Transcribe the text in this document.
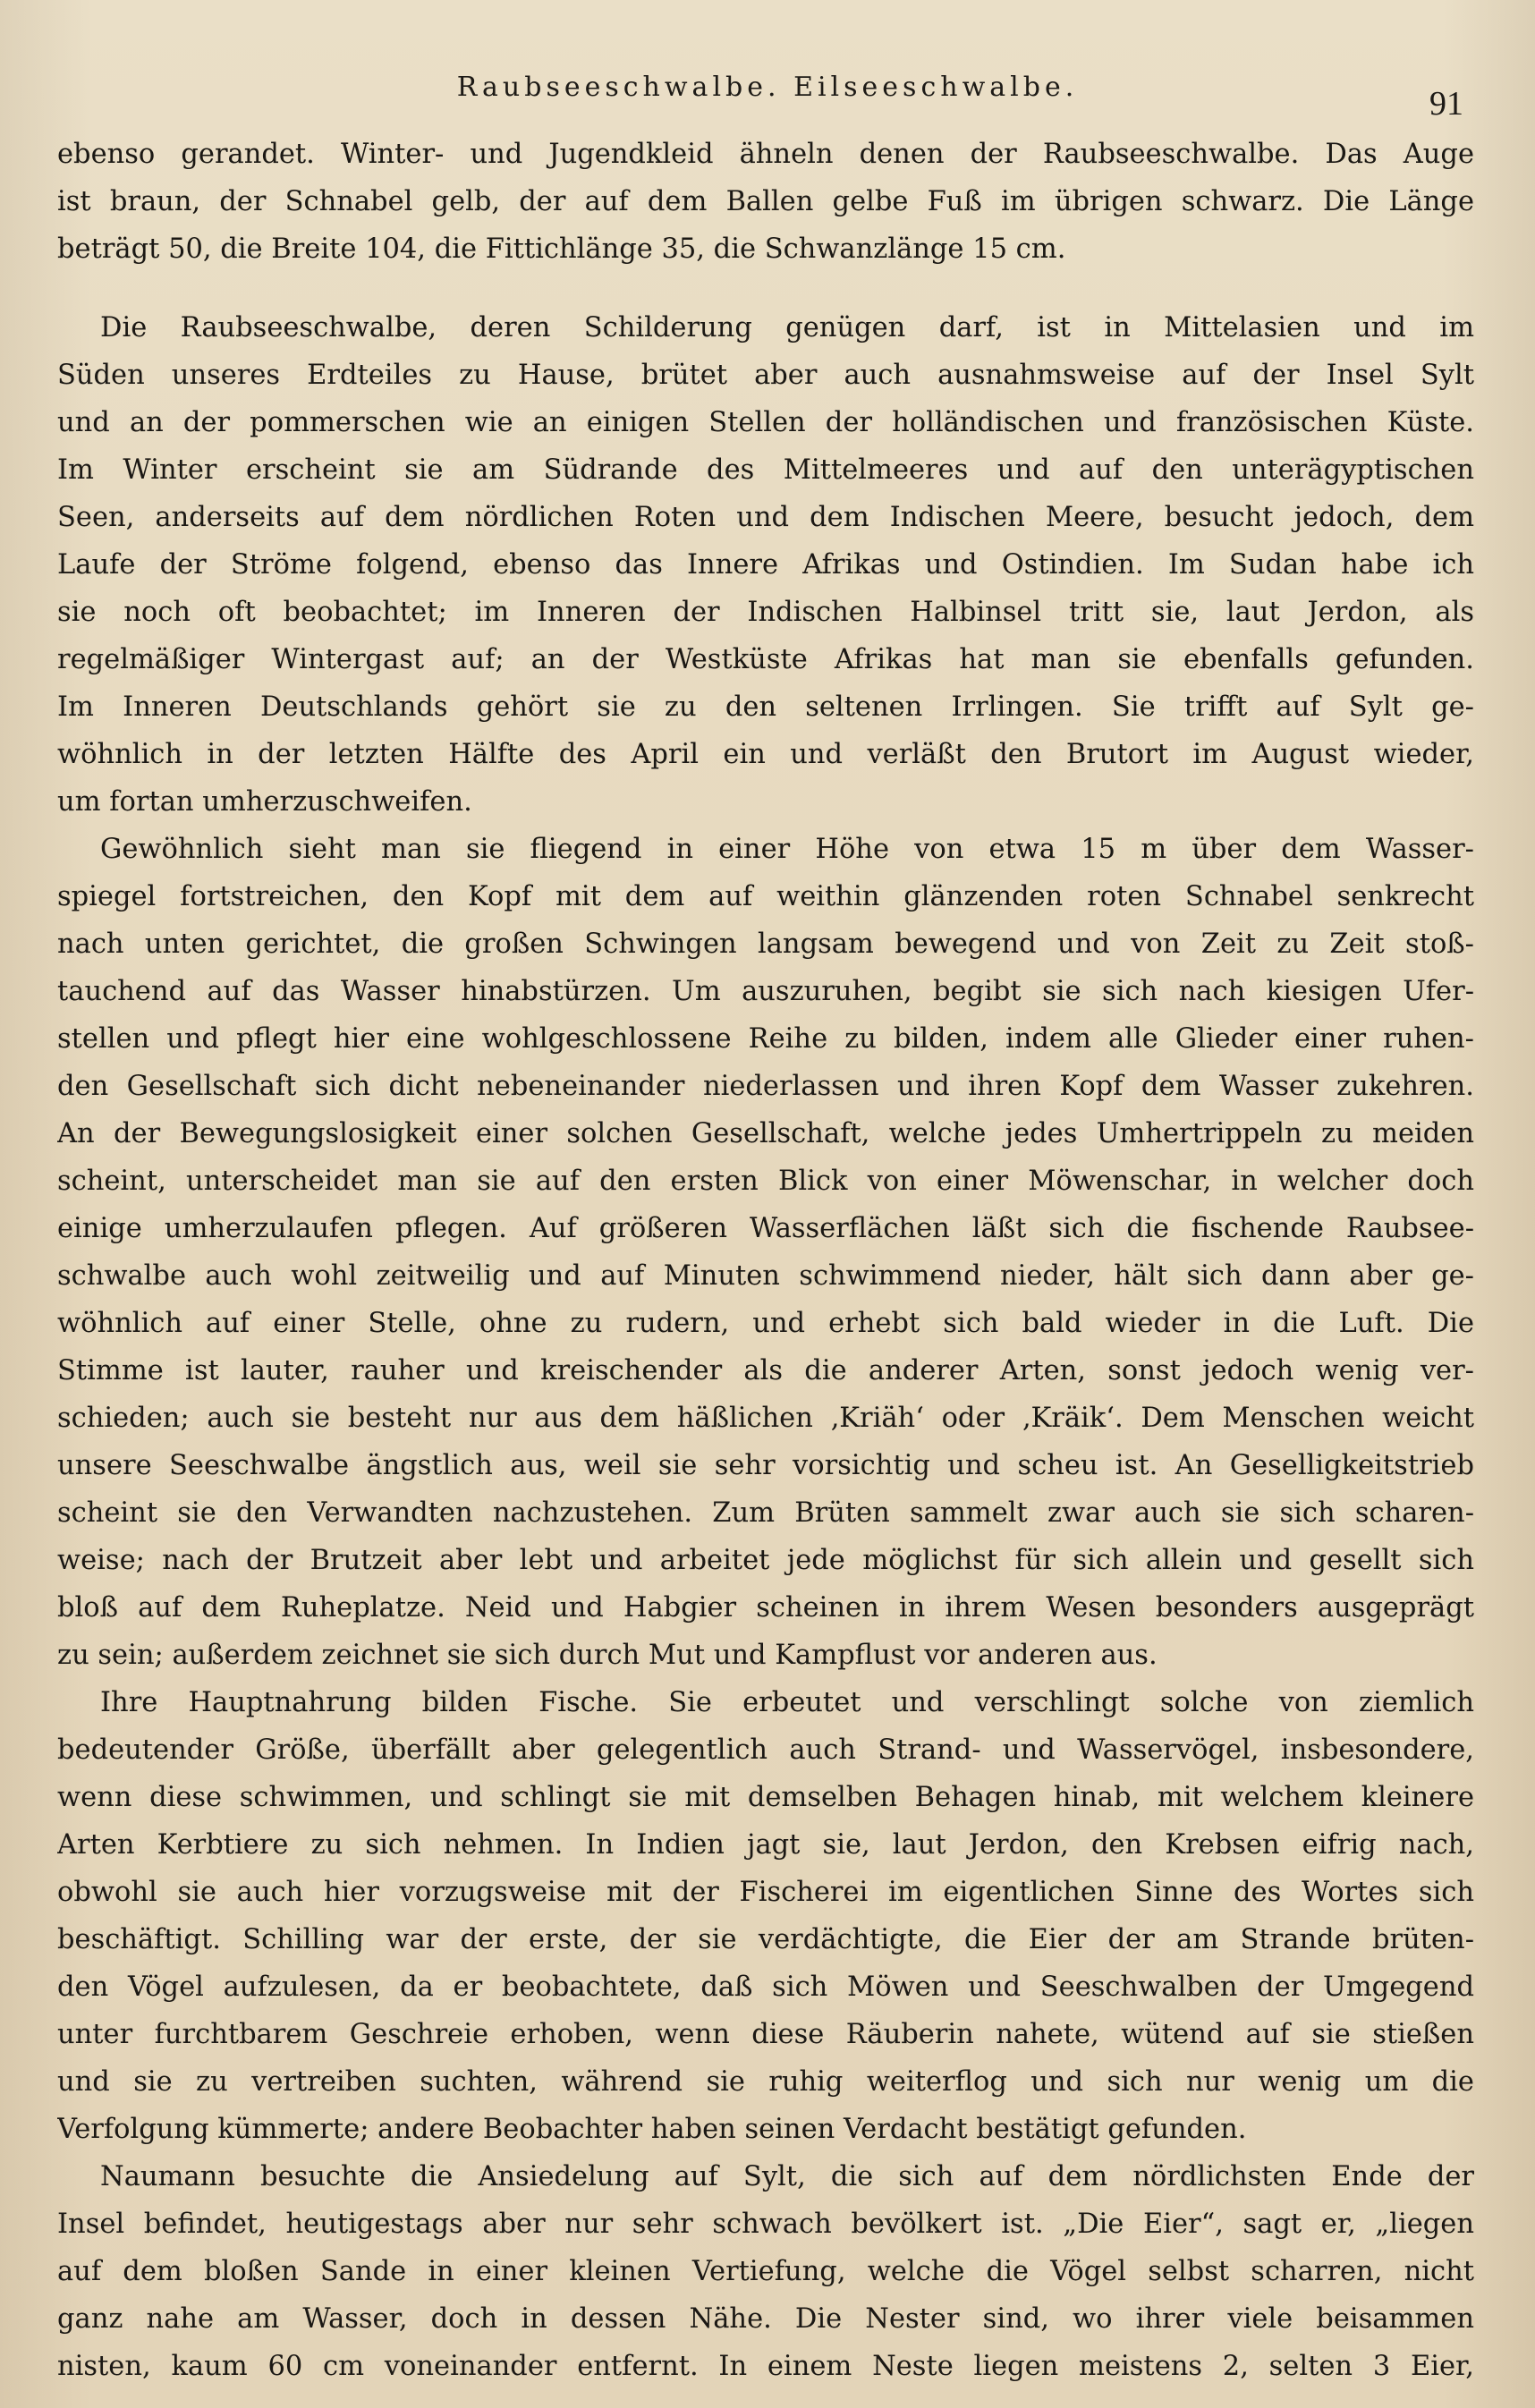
Raubseeschwalbe. Eilseeschwalbe.	91
ebenso gerandet. Winter- und Jugendkleid ähneln denen der Raubseeschwalbe. Das Auge
ist braun, der Schnabel gelb, der auf dem Ballen gelbe Fuß im übrigen schwarz. Die Länge
beträgt 50, die Breite 104, die Fittichlänge 35, die Schwanzlänge 15 cm.
Die Raubseeschwalbe, deren Schilderung genügen darf, ist in Mittelasien und im
Süden unseres Erdteiles zu Hause, brütet aber auch ausnahmsweise auf der Insel Sylt
und an der pommerschen wie an einigen Stellen der holländischen und französischen Küste.
Im Winter erscheint sie am Südrande des Mittelmeeres und auf den unterägyptischen
Seen, anderseits auf dem nördlichen Roten und dem Indischen Meere, besucht jedoch, dem
Laufe der Ströme folgend, ebenso das Innere Afrikas und Ostindien. Im Sudan habe ich
sie noch oft beobachtet; im Inneren der Indischen Halbinsel tritt sie, laut Jerdon, als
regelmäßiger Wintergast auf; an der Westküste Afrikas hat man sie ebenfalls gefunden.
Im Inneren Deutschlands gehört sie zu den seltenen Irrlingen. Sie trifft auf Sylt ge-
wöhnlich in der letzten Hälfte des April ein und verläßt den Brutort im August wieder,
um fortan umherzuschweifen.
Gewöhnlich sieht man sie fliegend in einer Höhe von etwa 15 m über dem Wasser-
spiegel fortstreichen, den Kopf mit dem auf weithin glänzenden roten Schnabel senkrecht
nach unten gerichtet, die großen Schwingen langsam bewegend und von Zeit zu Zeit stoß-
tauchend auf das Wasser hinabstürzen. Um auszuruhen, begibt sie sich nach kiesigen Ufer-
stellen und pflegt hier eine wohlgeschlossene Reihe zu bilden, indem alle Glieder einer ruhen-
den Gesellschaft sich dicht nebeneinander niederlassen und ihren Kopf dem Wasser zukehren.
An der Bewegungslosigkeit einer solchen Gesellschaft, welche jedes Umhertrippeln zu meiden
scheint, unterscheidet man sie auf den ersten Blick von einer Möwenschar, in welcher doch
einige umherzulaufen pflegen. Auf größeren Wasserflächen läßt sich die fischende Raubsee-
schwalbe auch wohl zeitweilig und auf Minuten schwimmend nieder, hält sich dann aber ge-
wöhnlich auf einer Stelle, ohne zu rudern, und erhebt sich bald wieder in die Luft. Die
Stimme ist lauter, rauher und kreischender als die anderer Arten, sonst jedoch wenig ver-
schieden; auch sie besteht nur aus dem häßlichen ‚Kriäh‘ oder ‚Kräik‘. Dem Menschen weicht
unsere Seeschwalbe ängstlich aus, weil sie sehr vorsichtig und scheu ist. An Geselligkeitstrieb
scheint sie den Verwandten nachzustehen. Zum Brüten sammelt zwar auch sie sich scharen-
weise; nach der Brutzeit aber lebt und arbeitet jede möglichst für sich allein und gesellt sich
bloß auf dem Ruheplatze. Neid und Habgier scheinen in ihrem Wesen besonders ausgeprägt
zu sein; außerdem zeichnet sie sich durch Mut und Kampflust vor anderen aus.
Ihre Hauptnahrung bilden Fische. Sie erbeutet und verschlingt solche von ziemlich
bedeutender Größe, überfällt aber gelegentlich auch Strand- und Wasservögel, insbesondere,
wenn diese schwimmen, und schlingt sie mit demselben Behagen hinab, mit welchem kleinere
Arten Kerbtiere zu sich nehmen. In Indien jagt sie, laut Jerdon, den Krebsen eifrig nach,
obwohl sie auch hier vorzugsweise mit der Fischerei im eigentlichen Sinne des Wortes sich
beschäftigt. Schilling war der erste, der sie verdächtigte, die Eier der am Strande brüten-
den Vögel aufzulesen, da er beobachtete, daß sich Möwen und Seeschwalben der Umgegend
unter furchtbarem Geschreie erhoben, wenn diese Räuberin nahete, wütend auf sie stießen
und sie zu vertreiben suchten, während sie ruhig weiterflog und sich nur wenig um die
Verfolgung kümmerte; andere Beobachter haben seinen Verdacht bestätigt gefunden.
Naumann besuchte die Ansiedelung auf Sylt, die sich auf dem nördlichsten Ende der
Insel befindet, heutigestags aber nur sehr schwach bevölkert ist. „Die Eier“, sagt er, „liegen
auf dem bloßen Sande in einer kleinen Vertiefung, welche die Vögel selbst scharren, nicht
ganz nahe am Wasser, doch in dessen Nähe. Die Nester sind, wo ihrer viele beisammen
nisten, kaum 60 cm voneinander entfernt. In einem Neste liegen meistens 2, selten 3 Eier,
